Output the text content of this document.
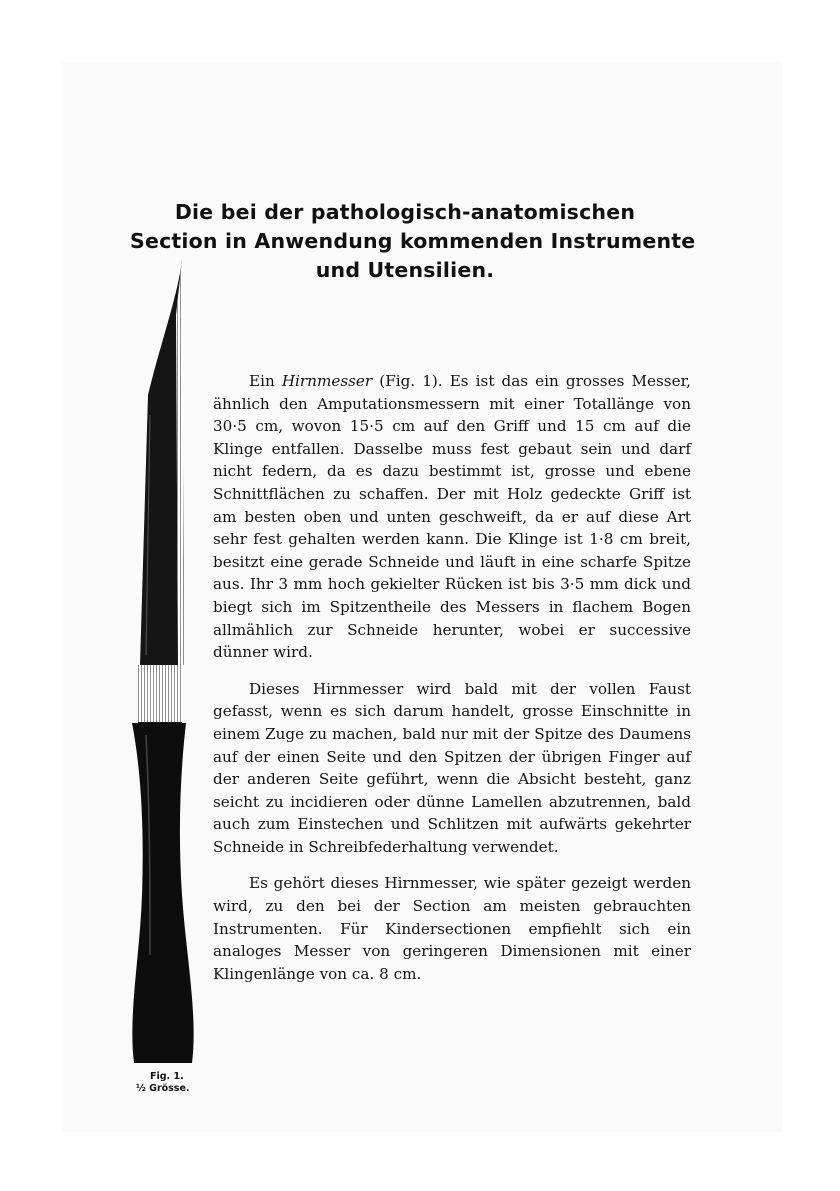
Die bei der pathologisch-anatomischen
Section in Anwendung kommenden Instrumente
und Utensilien.

Ein Hirnmesser (Fig. 1). Es ist das ein grosses Messer, ähnlich den Amputationsmessern mit einer Totallänge von 30·5 cm, wovon 15·5 cm auf den Griff und 15 cm auf die Klinge entfallen. Dasselbe muss fest gebaut sein und darf nicht federn, da es dazu bestimmt ist, grosse und ebene Schnittflächen zu schaffen. Der mit Holz gedeckte Griff ist am besten oben und unten geschweift, da er auf diese Art sehr fest gehalten werden kann. Die Klinge ist 1·8 cm breit, besitzt eine gerade Schneide und läuft in eine scharfe Spitze aus. Ihr 3 mm hoch gekielter Rücken ist bis 3·5 mm dick und biegt sich im Spitzentheile des Messers in flachem Bogen allmählich zur Schneide herunter, wobei er successive dünner wird.

Dieses Hirnmesser wird bald mit der vollen Faust gefasst, wenn es sich darum handelt, grosse Einschnitte in einem Zuge zu machen, bald nur mit der Spitze des Daumens auf der einen Seite und den Spitzen der übrigen Finger auf der anderen Seite geführt, wenn die Absicht besteht, ganz seicht zu incidieren oder dünne Lamellen abzutrennen, bald auch zum Einstechen und Schlitzen mit aufwärts gekehrter Schneide in Schreibfederhaltung verwendet.

Es gehört dieses Hirnmesser, wie später gezeigt werden wird, zu den bei der Section am meisten gebrauchten Instrumenten. Für Kindersectionen empfiehlt sich ein analoges Messer von geringeren Dimensionen mit einer Klingenlänge von ca. 8 cm.

Fig. 1.
½ Grösse.
